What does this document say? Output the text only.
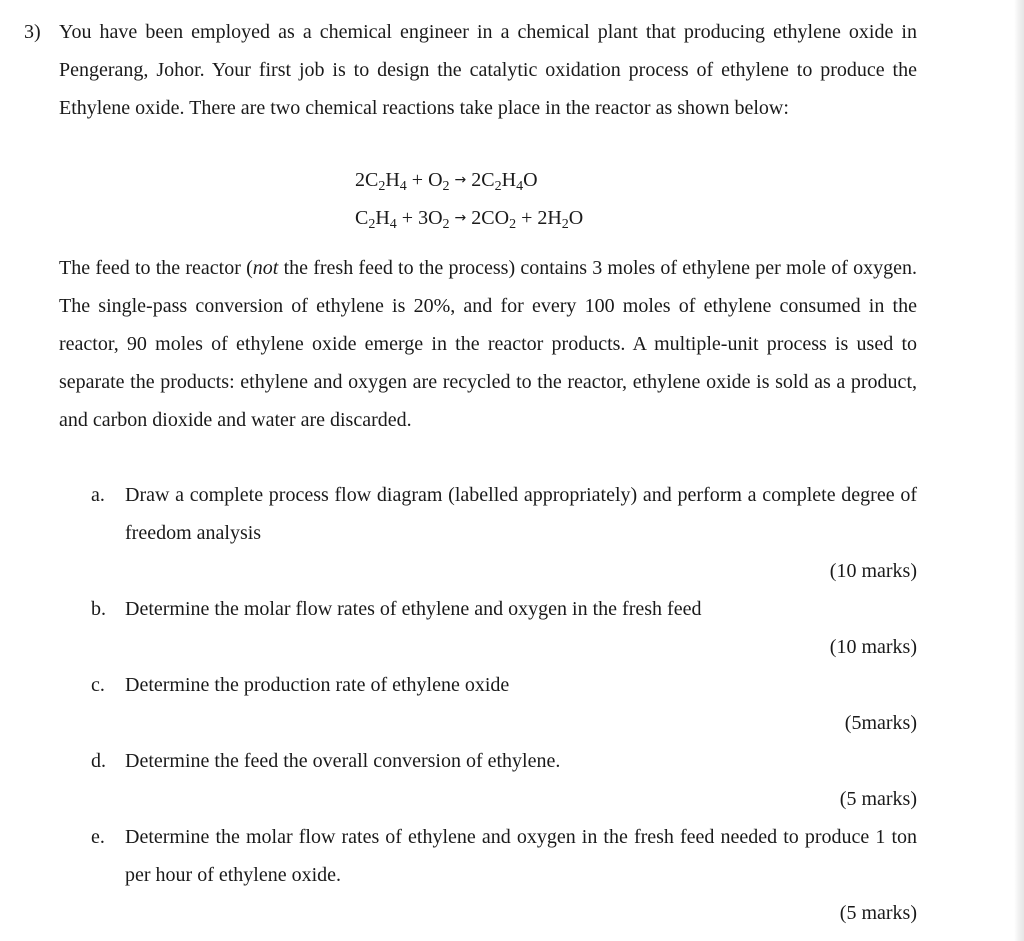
3) You have been employed as a chemical engineer in a chemical plant that producing ethylene oxide in Pengerang, Johor. Your first job is to design the catalytic oxidation process of ethylene to produce the Ethylene oxide. There are two chemical reactions take place in the reactor as shown below:

$2C_2H_4 + O_2 \to 2C_2H_4O$
$C_2H_4 + 3O_2 \to 2CO_2 + 2H_2O$

The feed to the reactor (not the fresh feed to the process) contains 3 moles of ethylene per mole of oxygen. The single-pass conversion of ethylene is 20%, and for every 100 moles of ethylene consumed in the reactor, 90 moles of ethylene oxide emerge in the reactor products. A multiple-unit process is used to separate the products: ethylene and oxygen are recycled to the reactor, ethylene oxide is sold as a product, and carbon dioxide and water are discarded.

a. Draw a complete process flow diagram (labelled appropriately) and perform a complete degree of freedom analysis

(10 marks)
b. Determine the molar flow rates of ethylene and oxygen in the fresh feed

(10 marks)
c. Determine the production rate of ethylene oxide

(5marks)
d. Determine the feed the overall conversion of ethylene.

(5 marks)
e. Determine the molar flow rates of ethylene and oxygen in the fresh feed needed to produce 1 ton per hour of ethylene oxide.

(5 marks)
